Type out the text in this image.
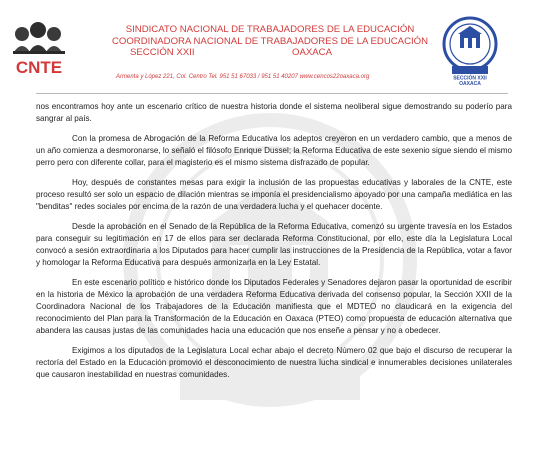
CNTE
SINDICATO NACIONAL DE TRABAJADORES DE LA EDUCACIÓN
COORDINADORA NACIONAL DE TRABAJADORES DE LA EDUCACIÓN
SECCIÓN XXII	OAXACA
Armenta y López 221, Col. Centro Tel. 951 51 67033 / 951 51 40207 www.cencos22oaxaca.org	SECCIÓN XXII
OAXACA

nos encontramos hoy ante un escenario crítico de nuestra historia donde el sistema neoliberal sigue demostrando su poderío para sangrar al país.

Con la promesa de Abrogación de la Reforma Educativa los adeptos creyeron en un verdadero cambio, que a menos de un año comienza a desmoronarse, lo señaló el filósofo Enrique Dussel; la Reforma Educativa de este sexenio sigue siendo el mismo perro pero con diferente collar, para el magisterio es el mismo sistema disfrazado de popular.

Hoy, después de constantes mesas para exigir la inclusión de las propuestas educativas y laborales de la CNTE, este proceso resultó ser solo un espacio de dilación mientras se imponía el presidencialismo apoyado por una campaña mediática en las "benditas" redes sociales por encima de la razón de una verdadera lucha y el quehacer docente.

Desde la aprobación en el Senado de la República de la Reforma Educativa, comenzó su urgente travesía en los Estados para conseguir su legitimación en 17 de ellos para ser declarada Reforma Constitucional, por ello, este día la Legislatura Local convocó a sesión extraordinaria a los Diputados para hacer cumplir las instrucciones de la Presidencia de la República, votar a favor y homologar la Reforma Educativa para después armonizarla en la Ley Estatal.

En este escenario político e histórico donde los Diputados Federales y Senadores dejaron pasar la oportunidad de escribir en la historia de México la aprobación de una verdadera Reforma Educativa derivada del consenso popular, la Sección XXII de la Coordinadora Nacional de los Trabajadores de la Educación manifiesta que el MDTEO no claudicará en la exigencia del reconocimiento del Plan para la Transformación de la Educación en Oaxaca (PTEO) como propuesta de educación alternativa que abandera las causas justas de las comunidades hacia una educación que nos enseñe a pensar y no a obedecer.

Exigimos a los diputados de la Legislatura Local echar abajo el decreto Número 02 que bajo el discurso de recuperar la rectoría del Estado en la Educación promovió el desconocimiento de nuestra lucha sindical e innumerables decisiones unilaterales que causaron inestabilidad en nuestras comunidades.
